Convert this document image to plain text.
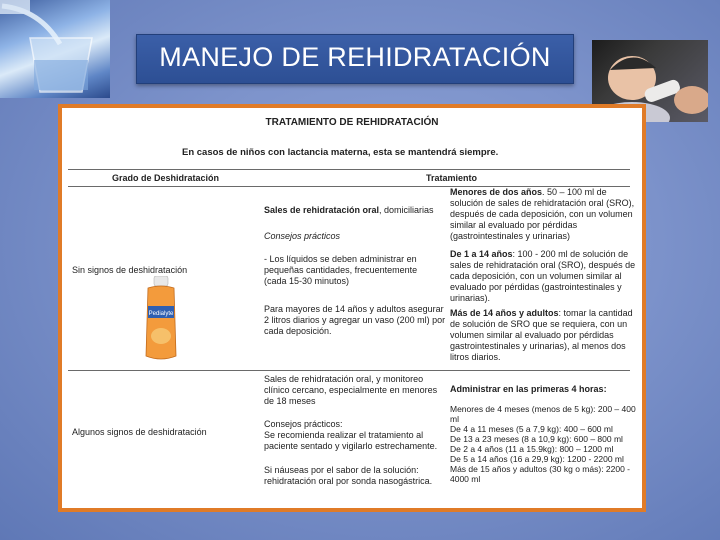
MANEJO DE REHIDRATACIÓN
TRATAMIENTO DE REHIDRATACIÓN
En casos de niños con lactancia materna, esta se mantendrá siempre.
Grado de Deshidratación	Tratamiento
Sin signos de deshidratación
Pedialyte
Sales de rehidratación oral, domiciliarias
Consejos prácticos
- Los líquidos se deben administrar en pequeñas cantidades, frecuentemente (cada 15-30 minutos)
Para mayores de 14 años y adultos asegurar 2 litros diarios y agregar un vaso (200 ml) por cada deposición.
Menores de dos años. 50 – 100 ml de solución de sales de rehidratación oral (SRO), después de cada deposición, con un volumen similar al evaluado por pérdidas (gastrointestinales y urinarias)
De 1 a 14 años: 100 - 200 ml de solución de sales de rehidratación oral (SRO), después de cada deposición, con un volumen similar al evaluado por pérdidas (gastrointestinales y urinarias).
Más de 14 años y adultos: tomar la cantidad de solución de SRO que se requiera, con un volumen similar al evaluado por pérdidas gastrointestinales y urinarias), al menos dos litros diarios.
Algunos signos de deshidratación
Sales de rehidratación oral, y monitoreo clínico cercano, especialmente en menores de 18 meses
Consejos prácticos:
Se recomienda realizar el tratamiento al paciente sentado y vigilarlo estrechamente.
Si náuseas por el sabor de la solución: rehidratación oral por sonda nasogástrica.
Administrar en las primeras 4 horas:
Menores de 4 meses (menos de 5 kg): 200 – 400 ml
De 4 a 11 meses (5 a 7,9 kg): 400 – 600 ml
De 13 a 23 meses (8 a 10,9 kg): 600 – 800 ml
De 2 a 4 años (11 a 15.9kg): 800 – 1200 ml
De 5 a 14 años (16 a 29,9 kg): 1200 - 2200 ml
Más de 15 años y adultos (30 kg o más): 2200 - 4000 ml
